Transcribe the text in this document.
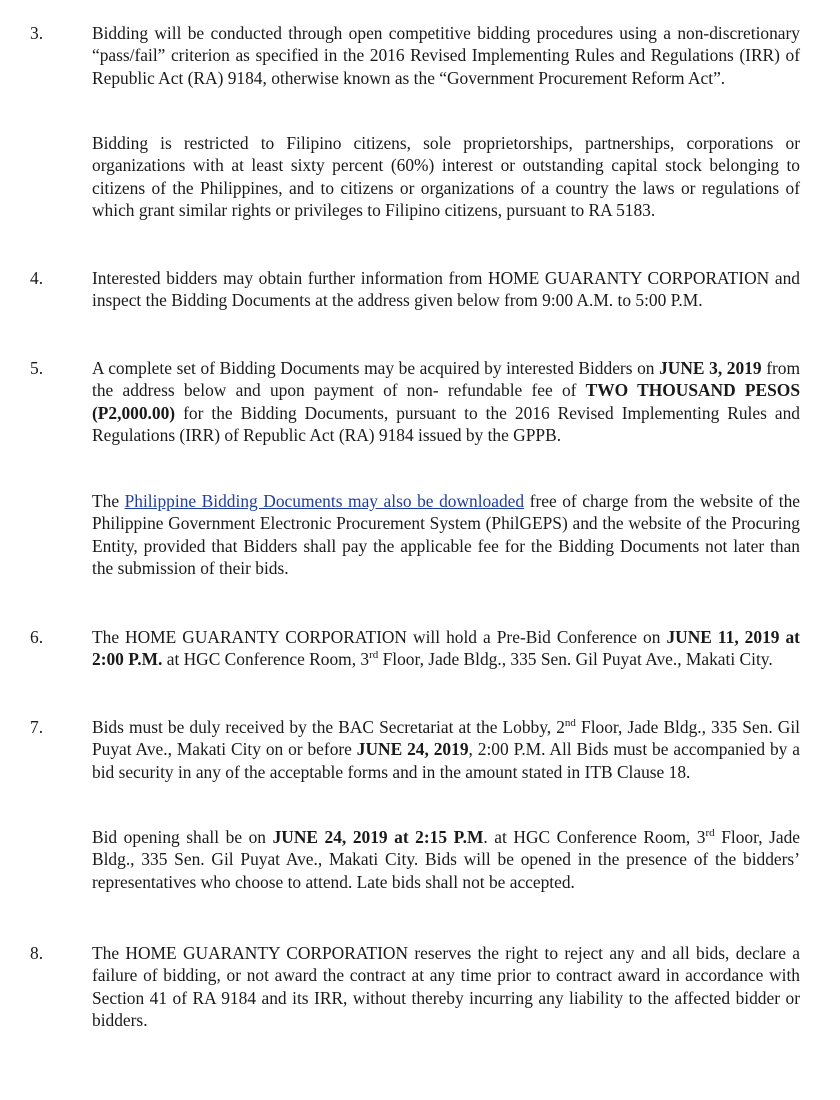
3.	Bidding will be conducted through open competitive bidding procedures using a non-discretionary “pass/fail” criterion as specified in the 2016 Revised Implementing Rules and Regulations (IRR) of Republic Act (RA) 9184, otherwise known as the “Government Procurement Reform Act”.

Bidding is restricted to Filipino citizens, sole proprietorships, partnerships, corporations or organizations with at least sixty percent (60%) interest or outstanding capital stock belonging to citizens of the Philippines, and to citizens or organizations of a country the laws or regulations of which grant similar rights or privileges to Filipino citizens, pursuant to RA 5183.

4.	Interested bidders may obtain further information from HOME GUARANTY CORPORATION and inspect the Bidding Documents at the address given below from 9:00 A.M. to 5:00 P.M.

5.	A complete set of Bidding Documents may be acquired by interested Bidders on JUNE 3, 2019 from the address below and upon payment of non- refundable fee of TWO THOUSAND PESOS (P2,000.00) for the Bidding Documents, pursuant to the 2016 Revised Implementing Rules and Regulations (IRR) of Republic Act (RA) 9184 issued by the GPPB.

The Philippine Bidding Documents may also be downloaded free of charge from the website of the Philippine Government Electronic Procurement System (PhilGEPS) and the website of the Procuring Entity, provided that Bidders shall pay the applicable fee for the Bidding Documents not later than the submission of their bids.

6.	The HOME GUARANTY CORPORATION will hold a Pre-Bid Conference on JUNE 11, 2019 at 2:00 P.M. at HGC Conference Room, 3rd Floor, Jade Bldg., 335 Sen. Gil Puyat Ave., Makati City.

7.	Bids must be duly received by the BAC Secretariat at the Lobby, 2nd Floor, Jade Bldg., 335 Sen. Gil Puyat Ave., Makati City on or before JUNE 24, 2019, 2:00 P.M. All Bids must be accompanied by a bid security in any of the acceptable forms and in the amount stated in ITB Clause 18.

Bid opening shall be on JUNE 24, 2019 at 2:15 P.M. at HGC Conference Room, 3rd Floor, Jade Bldg., 335 Sen. Gil Puyat Ave., Makati City. Bids will be opened in the presence of the bidders’ representatives who choose to attend. Late bids shall not be accepted.

8.	The HOME GUARANTY CORPORATION reserves the right to reject any and all bids, declare a failure of bidding, or not award the contract at any time prior to contract award in accordance with Section 41 of RA 9184 and its IRR, without thereby incurring any liability to the affected bidder or bidders.
